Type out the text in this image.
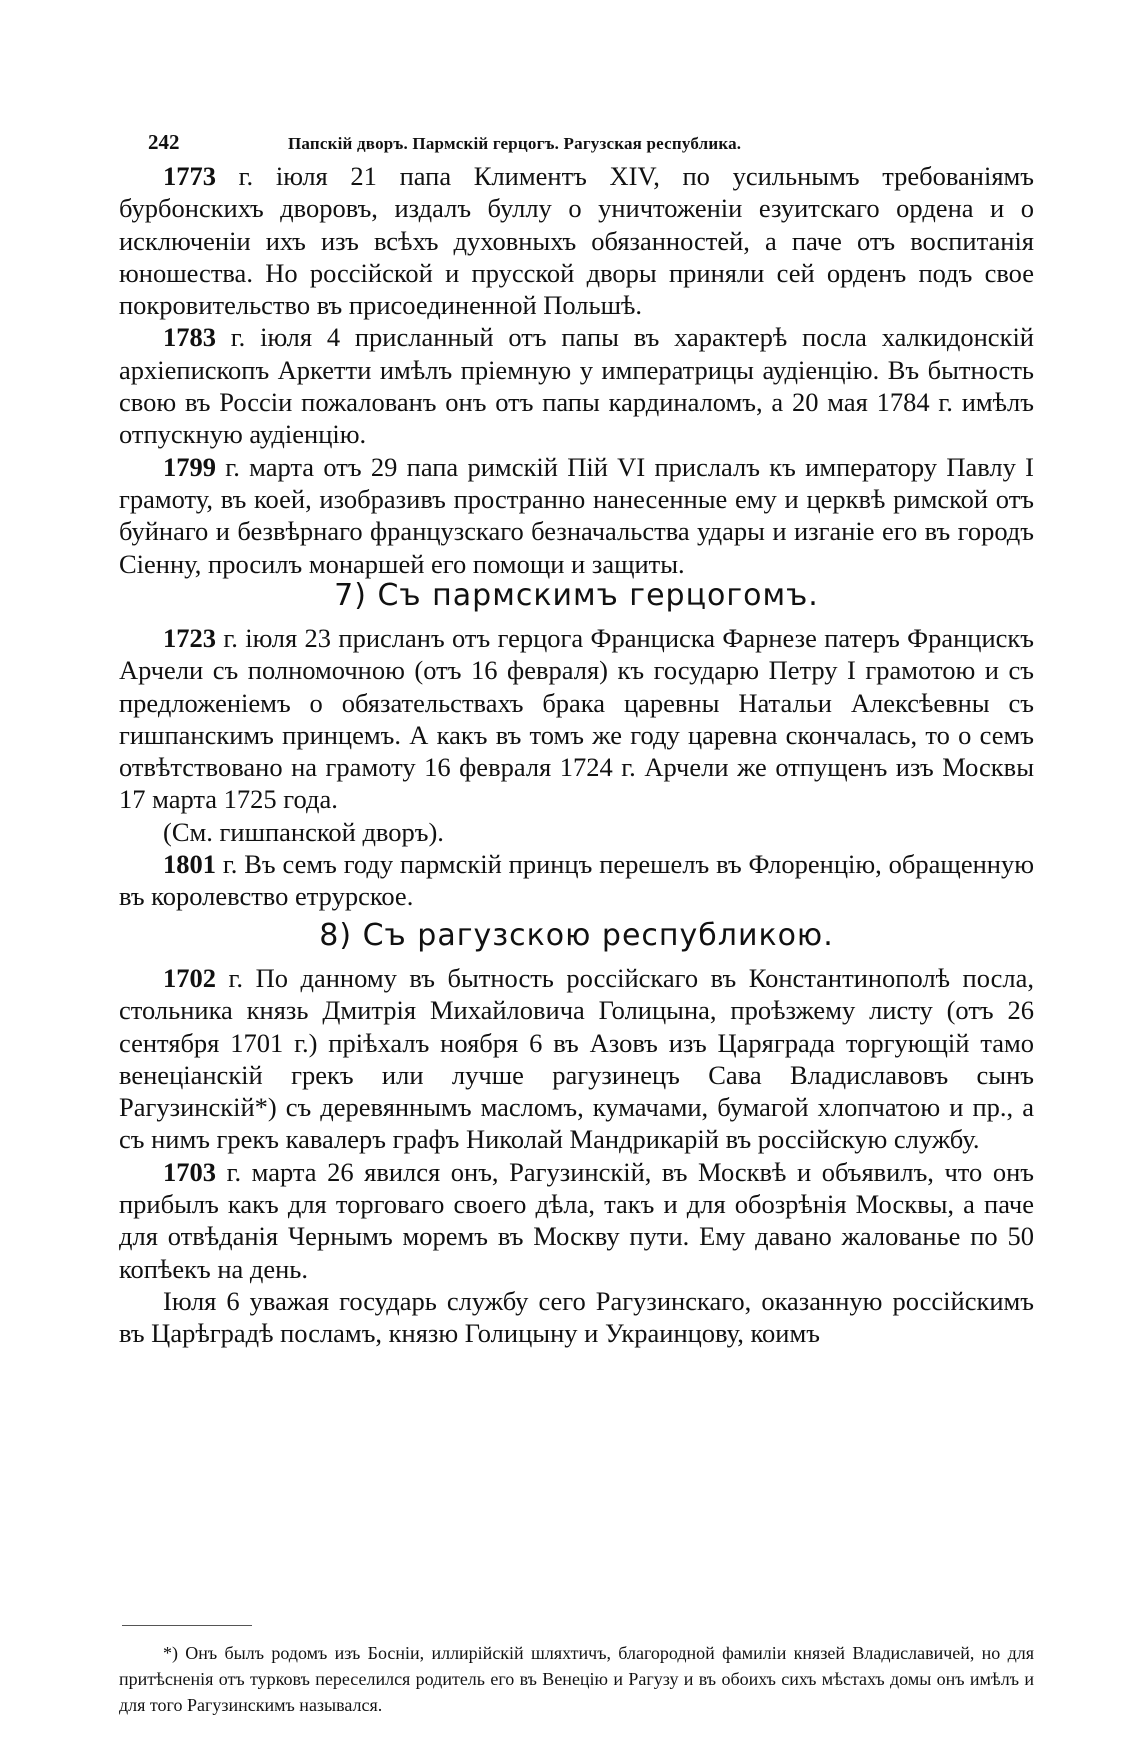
242	Папскій дворъ. Пармскій герцогъ. Рагузская республика.

1773 г. іюля 21 папа Климентъ XIV, по усильнымъ требованіямъ бурбонскихъ дворовъ, издалъ буллу о уничтоженіи езуитскаго ордена и о исключеніи ихъ изъ всѣхъ духовныхъ обязанностей, а паче отъ воспитанія юношества. Но россійской и прусской дворы приняли сей орденъ подъ свое покровительство въ присоединенной Польшѣ.

1783 г. іюля 4 присланный отъ папы въ характерѣ посла халкидонскій архіепископъ Аркетти имѣлъ пріемную у императрицы аудіенцію. Въ бытность свою въ Россіи пожалованъ онъ отъ папы кардиналомъ, а 20 мая 1784 г. имѣлъ отпускную аудіенцію.

1799 г. марта отъ 29 папа римскій Пій VI прислалъ къ императору Павлу I грамоту, въ коей, изобразивъ пространно нанесенные ему и церквѣ римской отъ буйнаго и безвѣрнаго французскаго безначальства удары и изганіе его въ городъ Сіенну, просилъ монаршей его помощи и защиты.

7) Съ пармскимъ герцогомъ.

1723 г. іюля 23 присланъ отъ герцога Франциска Фарнезе патеръ Францискъ Арчели съ полномочною (отъ 16 февраля) къ государю Петру I грамотою и съ предложеніемъ о обязательствахъ брака царевны Натальи Алексѣевны съ гишпанскимъ принцемъ. А какъ въ томъ же году царевна скончалась, то о семъ отвѣтствовано на грамоту 16 февраля 1724 г. Арчели же отпущенъ изъ Москвы 17 марта 1725 года.

(См. гишпанской дворъ).

1801 г. Въ семъ году пармскій принцъ перешелъ въ Флоренцію, обращенную въ королевство етрурское.

8) Съ рагузскою республикою.

1702 г. По данному въ бытность россійскаго въ Константинополѣ посла, стольника князь Дмитрія Михайловича Голицына, проѣзжему листу (отъ 26 сентября 1701 г.) пріѣхалъ ноября 6 въ Азовъ изъ Царяграда торгующій тамо венеціанскій грекъ или лучше рагузинецъ Сава Владиславовъ сынъ Рагузинскій*) съ деревяннымъ масломъ, кумачами, бумагой хлопчатою и пр., а съ нимъ грекъ кавалеръ графъ Николай Мандрикарій въ россійскую службу.

1703 г. марта 26 явился онъ, Рагузинскій, въ Москвѣ и объявилъ, что онъ прибылъ какъ для торговаго своего дѣла, такъ и для обозрѣнія Москвы, а паче для отвѣданія Чернымъ моремъ въ Москву пути. Ему давано жалованье по 50 копѣекъ на день.

Іюля 6 уважая государь службу сего Рагузинскаго, оказанную россійскимъ въ Царѣградѣ посламъ, князю Голицыну и Украинцову, коимъ

*) Онъ былъ родомъ изъ Босніи, иллирійскій шляхтичъ, благородной фамиліи князей Владиславичей, но для притѣсненія отъ турковъ переселился родитель его въ Венецію и Рагузу и въ обоихъ сихъ мѣстахъ домы онъ имѣлъ и для того Рагузинскимъ назывался.
